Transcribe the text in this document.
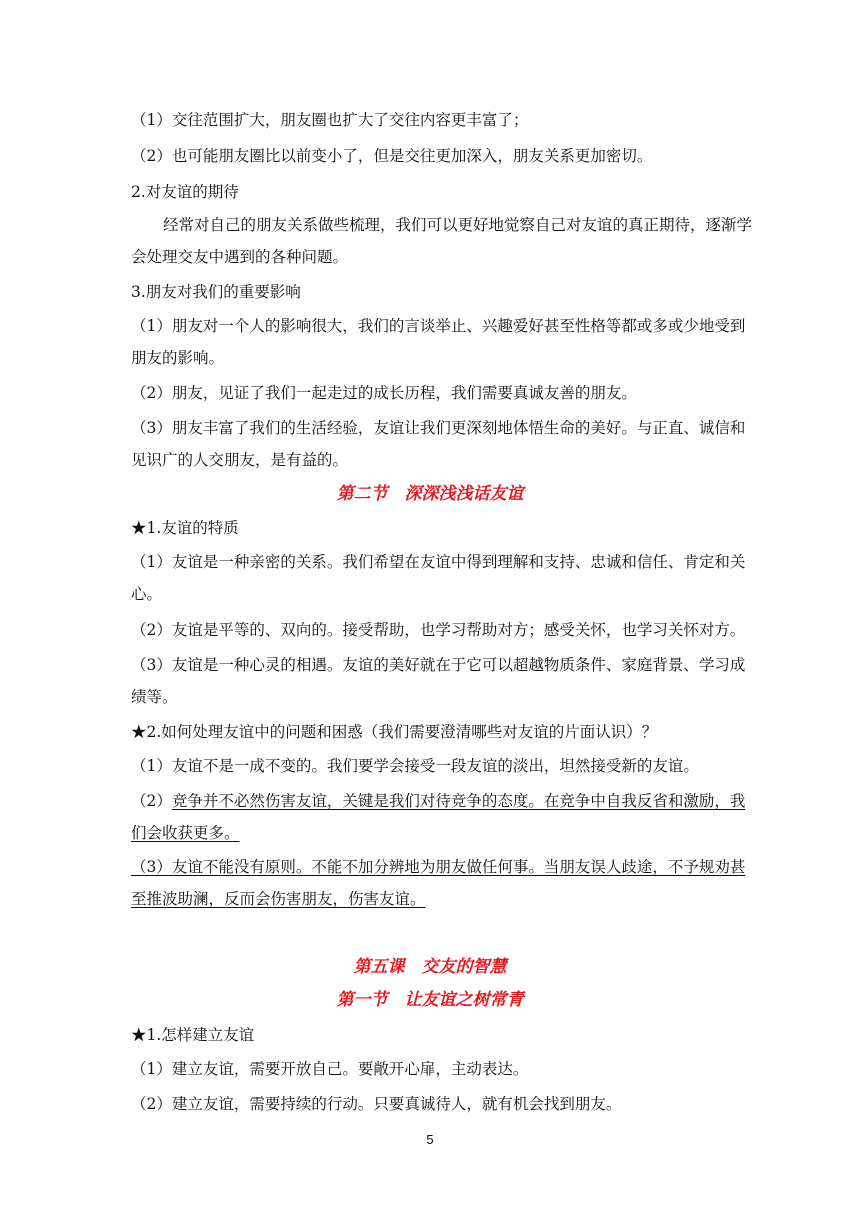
（1）交往范围扩大，朋友圈也扩大了交往内容更丰富了；
（2）也可能朋友圈比以前变小了，但是交往更加深入，朋友关系更加密切。
2.对友谊的期待
经常对自己的朋友关系做些梳理，我们可以更好地觉察自己对友谊的真正期待，逐渐学
会处理交友中遇到的各种问题。
3.朋友对我们的重要影响
（1）朋友对一个人的影响很大，我们的言谈举止、兴趣爱好甚至性格等都或多或少地受到
朋友的影响。
（2）朋友，见证了我们一起走过的成长历程，我们需要真诚友善的朋友。
（3）朋友丰富了我们的生活经验，友谊让我们更深刻地体悟生命的美好。与正直、诚信和
见识广的人交朋友，是有益的。
第二节　深深浅浅话友谊
★1.友谊的特质
（1）友谊是一种亲密的关系。我们希望在友谊中得到理解和支持、忠诚和信任、肯定和关
心。
（2）友谊是平等的、双向的。接受帮助，也学习帮助对方；感受关怀，也学习关怀对方。
（3）友谊是一种心灵的相遇。友谊的美好就在于它可以超越物质条件、家庭背景、学习成
绩等。
★2.如何处理友谊中的问题和困惑（我们需要澄清哪些对友谊的片面认识）？
（1）友谊不是一成不变的。我们要学会接受一段友谊的淡出，坦然接受新的友谊。
（2）竞争并不必然伤害友谊，关键是我们对待竞争的态度。在竞争中自我反省和激励，我
们会收获更多。
（3）友谊不能没有原则。不能不加分辨地为朋友做任何事。当朋友误人歧途，不予规劝甚
至推波助澜，反而会伤害朋友，伤害友谊。
第五课　交友的智慧
第一节　让友谊之树常青
★1.怎样建立友谊
（1）建立友谊，需要开放自己。要敞开心扉，主动表达。
（2）建立友谊，需要持续的行动。只要真诚待人，就有机会找到朋友。
5
